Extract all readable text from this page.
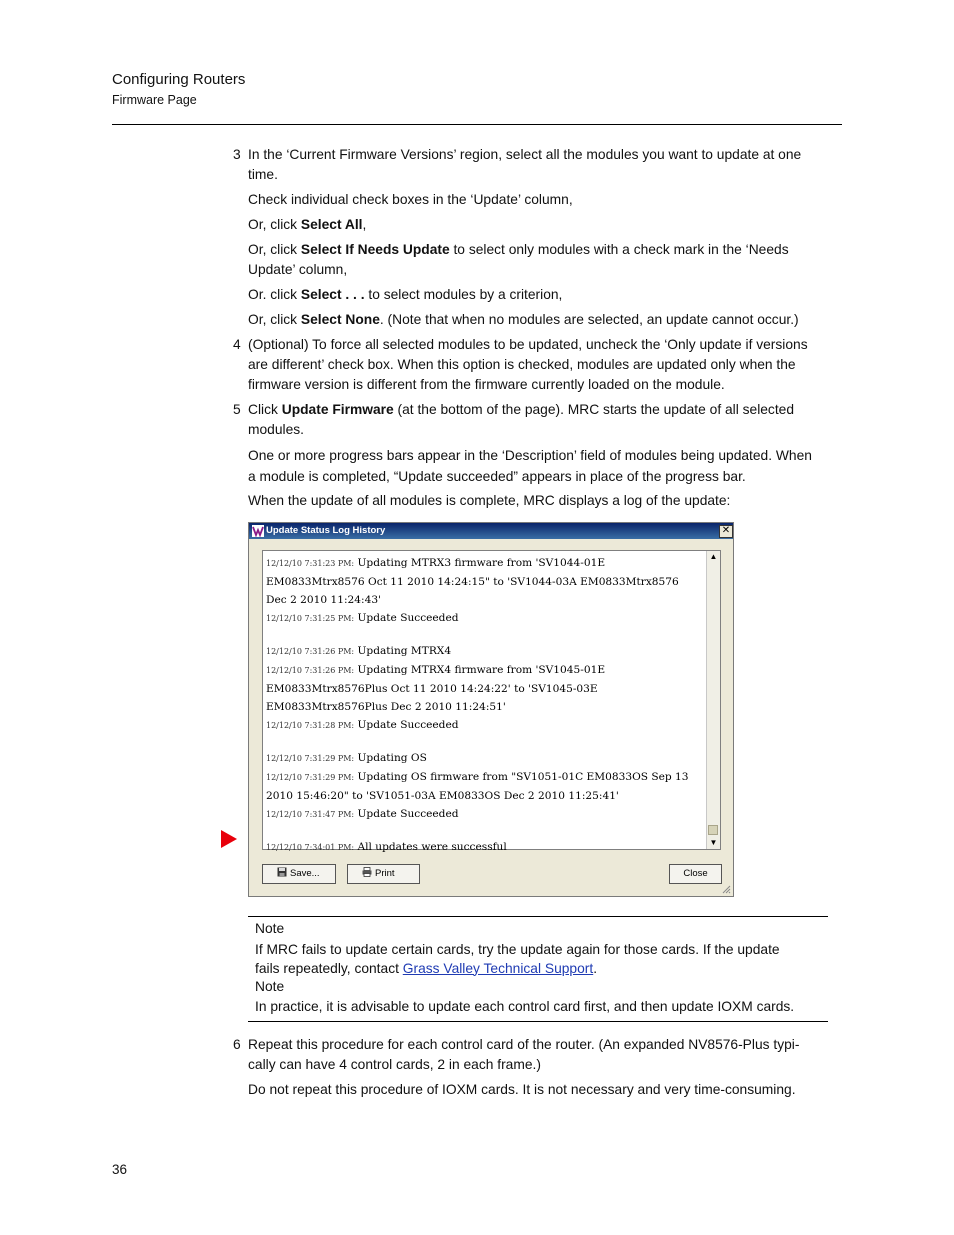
Configuring Routers
Firmware Page
3 In the ‘Current Firmware Versions’ region, select all the modules you want to update at one
time.
Check individual check boxes in the ‘Update’ column,
Or, click Select All,
Or, click Select If Needs Update to select only modules with a check mark in the ‘Needs
Update’ column,
Or. click Select . . . to select modules by a criterion,
Or, click Select None. (Note that when no modules are selected, an update cannot occur.)
4 (Optional) To force all selected modules to be updated, uncheck the ‘Only update if versions
are different’ check box. When this option is checked, modules are updated only when the
firmware version is different from the firmware currently loaded on the module.
5 Click Update Firmware (at the bottom of the page). MRC starts the update of all selected
modules.
One or more progress bars appear in the ‘Description’ field of modules being updated. When
a module is completed, “Update succeeded” appears in place of the progress bar.
When the update of all modules is complete, MRC displays a log of the update:
Update Status Log History	✕
12/12/10 7:31:23 PM: Updating MTRX3 firmware from 'SV1044-01E
EM0833Mtrx8576 Oct 11 2010 14:24:15" to 'SV1044-03A EM0833Mtrx8576
Dec 2 2010 11:24:43'
12/12/10 7:31:25 PM: Update Succeeded
12/12/10 7:31:26 PM: Updating MTRX4
12/12/10 7:31:26 PM: Updating MTRX4 firmware from 'SV1045-01E
EM0833Mtrx8576Plus Oct 11 2010 14:24:22' to 'SV1045-03E
EM0833Mtrx8576Plus Dec 2 2010 11:24:51'
12/12/10 7:31:28 PM: Update Succeeded
12/12/10 7:31:29 PM: Updating OS
12/12/10 7:31:29 PM: Updating OS firmware from "SV1051-01C EM0833OS Sep 13
2010 15:46:20" to 'SV1051-03A EM0833OS Dec 2 2010 11:25:41'
12/12/10 7:31:47 PM: Update Succeeded
12/12/10 7:34:01 PM: All updates were successful
▲
▼
Save...	Print	Close
Note
If MRC fails to update certain cards, try the update again for those cards. If the update
fails repeatedly, contact Grass Valley Technical Support.
Note
In practice, it is advisable to update each control card first, and then update IOXM cards.
6 Repeat this procedure for each control card of the router. (An expanded NV8576-Plus typi-
cally can have 4 control cards, 2 in each frame.)
Do not repeat this procedure of IOXM cards. It is not necessary and very time-consuming.
36
